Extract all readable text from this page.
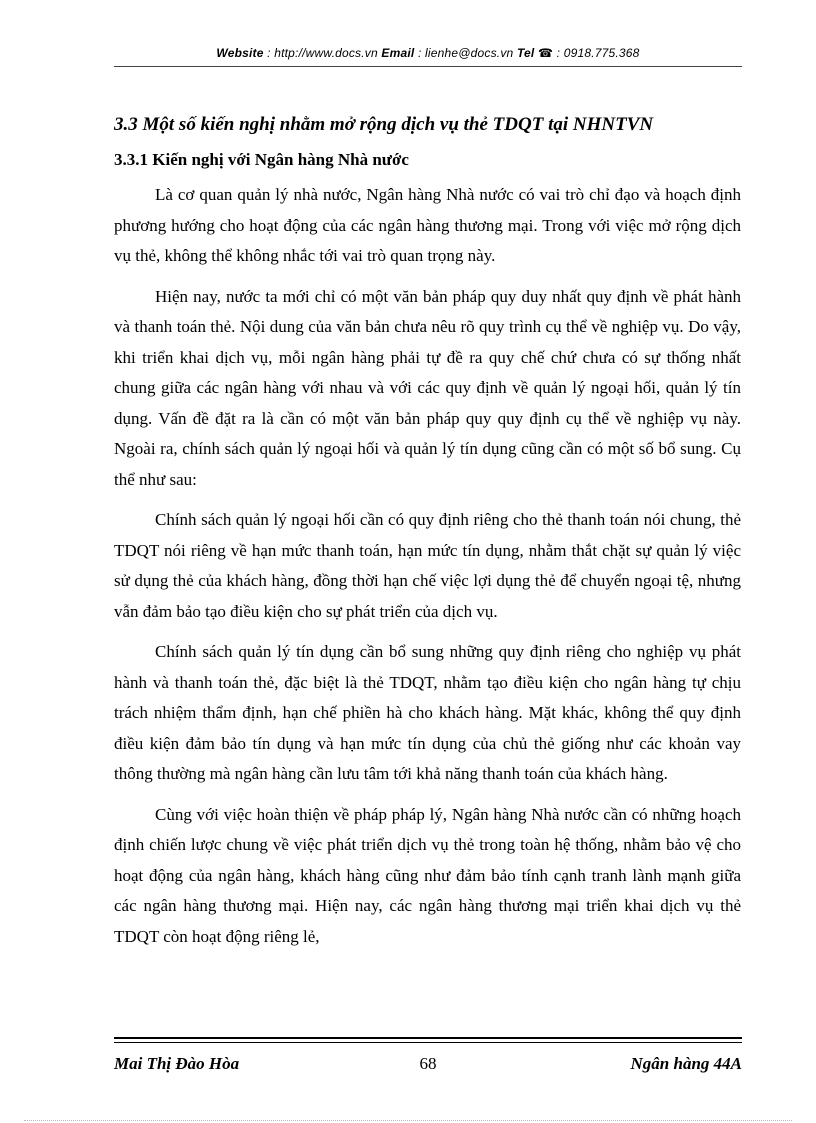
Website : http://www.docs.vn Email : lienhe@docs.vn Tel ☎ : 0918.775.368
3.3 Một số kiến nghị nhằm mở rộng dịch vụ thẻ TDQT tại NHNTVN
3.3.1 Kiến nghị với Ngân hàng Nhà nước

Là cơ quan quản lý nhà nước, Ngân hàng Nhà nước có vai trò chỉ đạo và hoạch định phương hướng cho hoạt động của các ngân hàng thương mại. Trong với việc mở rộng dịch vụ thẻ, không thể không nhắc tới vai trò quan trọng này.

Hiện nay, nước ta mới chỉ có một văn bản pháp quy duy nhất quy định về phát hành và thanh toán thẻ. Nội dung của văn bản chưa nêu rõ quy trình cụ thể về nghiệp vụ. Do vậy, khi triển khai dịch vụ, mỗi ngân hàng phải tự đề ra quy chế chứ chưa có sự thống nhất chung giữa các ngân hàng với nhau và với các quy định về quản lý ngoại hối, quản lý tín dụng. Vấn đề đặt ra là cần có một văn bản pháp quy quy định cụ thể về nghiệp vụ này. Ngoài ra, chính sách quản lý ngoại hối và quản lý tín dụng cũng cần có một số bổ sung. Cụ thể như sau:

Chính sách quản lý ngoại hối cần có quy định riêng cho thẻ thanh toán nói chung, thẻ TDQT nói riêng về hạn mức thanh toán, hạn mức tín dụng, nhằm thắt chặt sự quản lý việc sử dụng thẻ của khách hàng, đồng thời hạn chế việc lợi dụng thẻ để chuyển ngoại tệ, nhưng vẫn đảm bảo tạo điều kiện cho sự phát triển của dịch vụ.

Chính sách quản lý tín dụng cần bổ sung những quy định riêng cho nghiệp vụ phát hành và thanh toán thẻ, đặc biệt là thẻ TDQT, nhằm tạo điều kiện cho ngân hàng tự chịu trách nhiệm thẩm định, hạn chế phiền hà cho khách hàng. Mặt khác, không thể quy định điều kiện đảm bảo tín dụng và hạn mức tín dụng của chủ thẻ giống như các khoản vay thông thường mà ngân hàng cần lưu tâm tới khả năng thanh toán của khách hàng.

Cùng với việc hoàn thiện về pháp pháp lý, Ngân hàng Nhà nước cần có những hoạch định chiến lược chung về việc phát triển dịch vụ thẻ trong toàn hệ thống, nhằm bảo vệ cho hoạt động của ngân hàng, khách hàng cũng như đảm bảo tính cạnh tranh lành mạnh giữa các ngân hàng thương mại. Hiện nay, các ngân hàng thương mại triển khai dịch vụ thẻ TDQT còn hoạt động riêng lẻ,

Mai Thị Đào Hòa	68	Ngân hàng 44A
